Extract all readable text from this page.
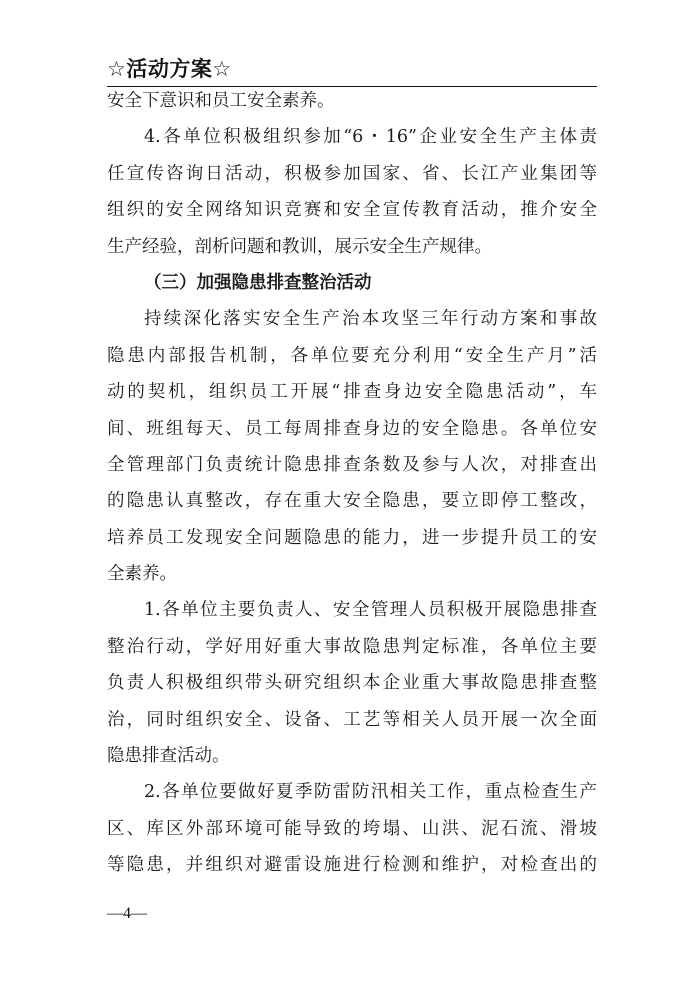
☆活动方案☆
安全下意识和员工安全素养。
4.各单位积极组织参加“6・16”企业安全生产主体责
任宣传咨询日活动，积极参加国家、省、长江产业集团等
组织的安全网络知识竞赛和安全宣传教育活动，推介安全
生产经验，剖析问题和教训，展示安全生产规律。
（三）加强隐患排查整治活动
持续深化落实安全生产治本攻坚三年行动方案和事故
隐患内部报告机制，各单位要充分利用“安全生产月”活
动的契机，组织员工开展“排查身边安全隐患活动”，车
间、班组每天、员工每周排查身边的安全隐患。各单位安
全管理部门负责统计隐患排查条数及参与人次，对排查出
的隐患认真整改，存在重大安全隐患，要立即停工整改，
培养员工发现安全问题隐患的能力，进一步提升员工的安
全素养。
1.各单位主要负责人、安全管理人员积极开展隐患排查
整治行动，学好用好重大事故隐患判定标准，各单位主要
负责人积极组织带头研究组织本企业重大事故隐患排查整
治，同时组织安全、设备、工艺等相关人员开展一次全面
隐患排查活动。
2.各单位要做好夏季防雷防汛相关工作，重点检查生产
区、库区外部环境可能导致的垮塌、山洪、泥石流、滑坡
等隐患，并组织对避雷设施进行检测和维护，对检查出的
—4—
